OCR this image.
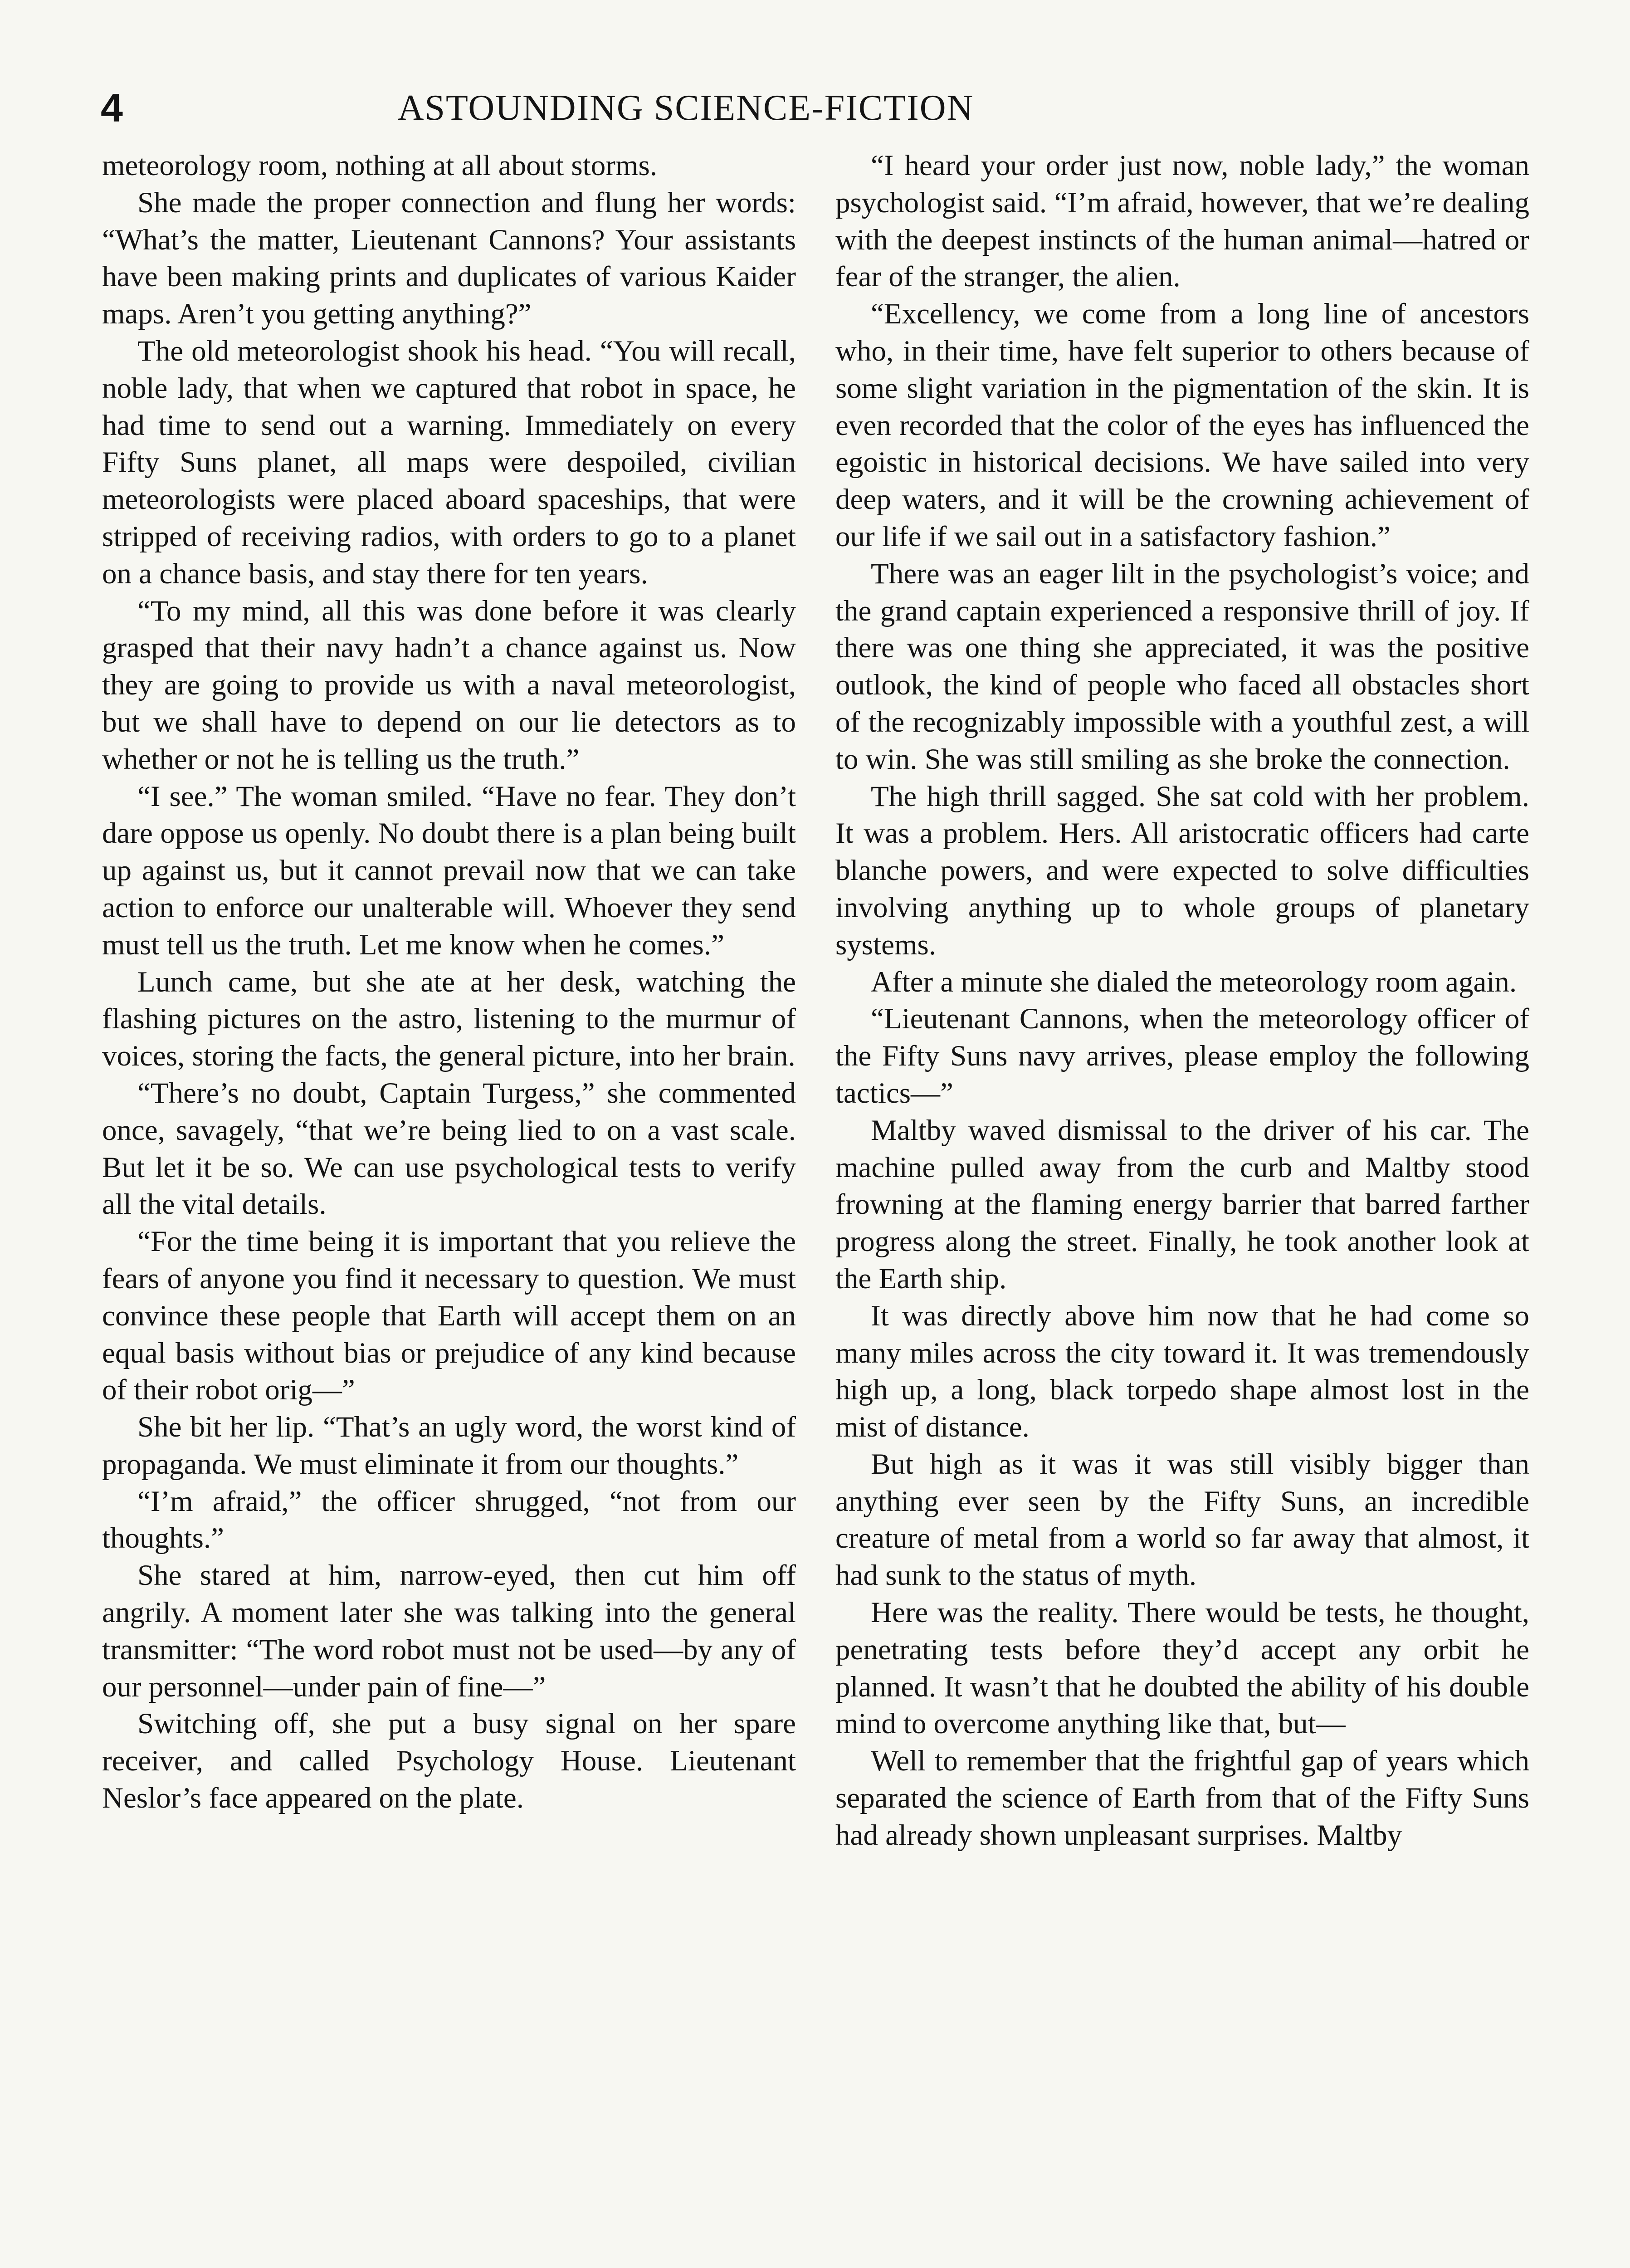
4	ASTOUNDING SCIENCE-FICTION

meteorology room, nothing at all about storms.

She made the proper connection and flung her words: “What’s the matter, Lieutenant Cannons? Your assistants have been making prints and duplicates of various Kaider maps. Aren’t you getting anything?”

The old meteorologist shook his head. “You will recall, noble lady, that when we captured that robot in space, he had time to send out a warning. Immediately on every Fifty Suns planet, all maps were despoiled, civilian meteorologists were placed aboard spaceships, that were stripped of receiving radios, with orders to go to a planet on a chance basis, and stay there for ten years.

“To my mind, all this was done before it was clearly grasped that their navy hadn’t a chance against us. Now they are going to provide us with a naval meteorologist, but we shall have to depend on our lie detectors as to whether or not he is telling us the truth.”

“I see.” The woman smiled. “Have no fear. They don’t dare oppose us openly. No doubt there is a plan being built up against us, but it cannot prevail now that we can take action to enforce our unalterable will. Whoever they send must tell us the truth. Let me know when he comes.”

Lunch came, but she ate at her desk, watching the flashing pictures on the astro, listening to the murmur of voices, storing the facts, the general picture, into her brain.

“There’s no doubt, Captain Turgess,” she commented once, savagely, “that we’re being lied to on a vast scale. But let it be so. We can use psychological tests to verify all the vital details.

“For the time being it is important that you relieve the fears of anyone you find it necessary to question. We must convince these people that Earth will accept them on an equal basis without bias or prejudice of any kind because of their robot orig—”

She bit her lip. “That’s an ugly word, the worst kind of propaganda. We must eliminate it from our thoughts.”

“I’m afraid,” the officer shrugged, “not from our thoughts.”

She stared at him, narrow-eyed, then cut him off angrily. A moment later she was talking into the general transmitter: “The word robot must not be used—by any of our personnel—under pain of fine—”

Switching off, she put a busy signal on her spare receiver, and called Psychology House. Lieutenant Neslor’s face appeared on the plate.

“I heard your order just now, noble lady,” the woman psychologist said. “I’m afraid, however, that we’re dealing with the deepest instincts of the human animal—hatred or fear of the stranger, the alien.

“Excellency, we come from a long line of ancestors who, in their time, have felt superior to others because of some slight variation in the pigmentation of the skin. It is even recorded that the color of the eyes has influenced the egoistic in historical decisions. We have sailed into very deep waters, and it will be the crowning achievement of our life if we sail out in a satisfactory fashion.”

There was an eager lilt in the psychologist’s voice; and the grand captain experienced a responsive thrill of joy. If there was one thing she appreciated, it was the positive outlook, the kind of people who faced all obstacles short of the recognizably impossible with a youthful zest, a will to win. She was still smiling as she broke the connection.

The high thrill sagged. She sat cold with her problem. It was a problem. Hers. All aristocratic officers had carte blanche powers, and were expected to solve difficulties involving anything up to whole groups of planetary systems.

After a minute she dialed the meteorology room again.

“Lieutenant Cannons, when the meteorology officer of the Fifty Suns navy arrives, please employ the following tactics—”

Maltby waved dismissal to the driver of his car. The machine pulled away from the curb and Maltby stood frowning at the flaming energy barrier that barred farther progress along the street. Finally, he took another look at the Earth ship.

It was directly above him now that he had come so many miles across the city toward it. It was tremendously high up, a long, black torpedo shape almost lost in the mist of distance.

But high as it was it was still visibly bigger than anything ever seen by the Fifty Suns, an incredible creature of metal from a world so far away that almost, it had sunk to the status of myth.

Here was the reality. There would be tests, he thought, penetrating tests before they’d accept any orbit he planned. It wasn’t that he doubted the ability of his double mind to overcome anything like that, but—

Well to remember that the frightful gap of years which separated the science of Earth from that of the Fifty Suns had already shown unpleasant surprises. Maltby
